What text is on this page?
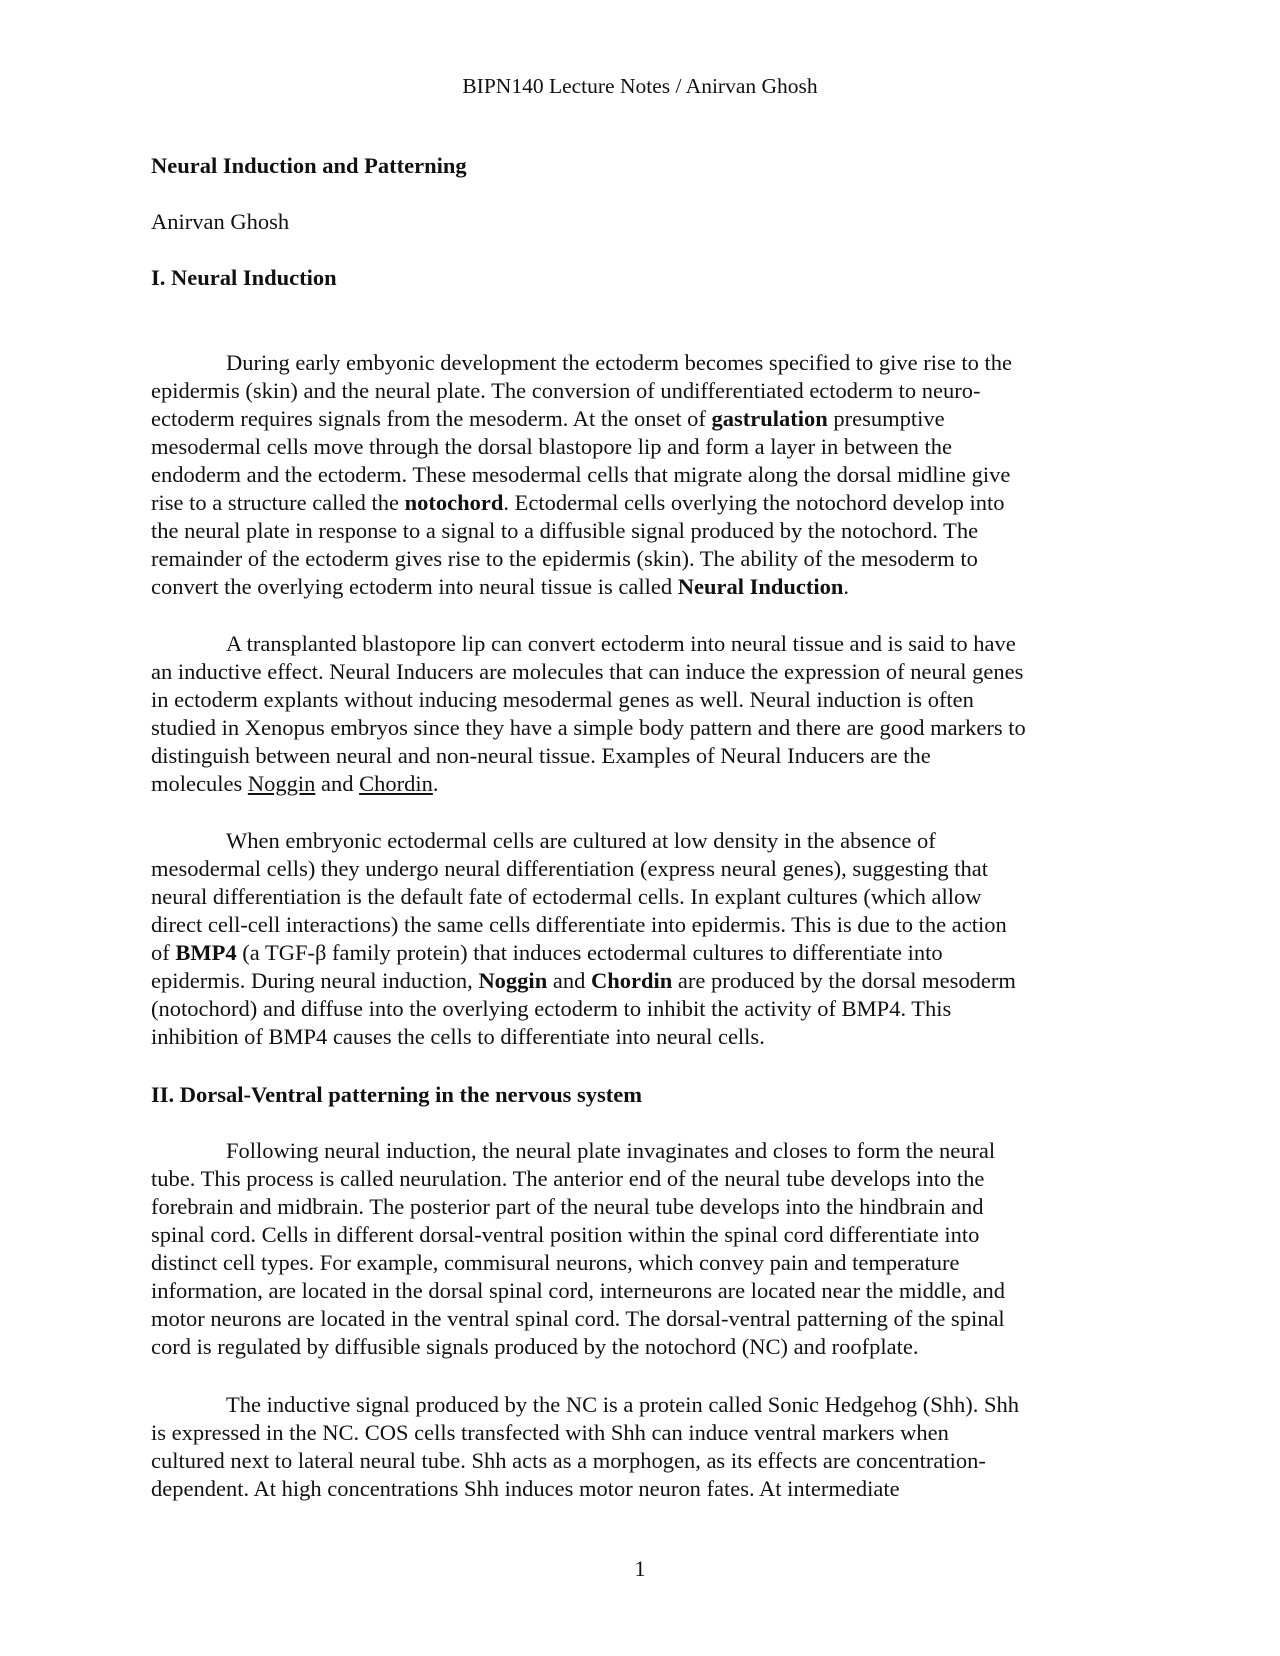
BIPN140 Lecture Notes / Anirvan Ghosh
Neural Induction and Patterning
Anirvan Ghosh
I. Neural Induction
During early embyonic development the ectoderm becomes specified to give rise to the
epidermis (skin) and the neural plate. The conversion of undifferentiated ectoderm to neuro-
ectoderm requires signals from the mesoderm. At the onset of gastrulation presumptive
mesodermal cells move through the dorsal blastopore lip and form a layer in between the
endoderm and the ectoderm. These mesodermal cells that migrate along the dorsal midline give
rise to a structure called the notochord. Ectodermal cells overlying the notochord develop into
the neural plate in response to a signal to a diffusible signal produced by the notochord. The
remainder of the ectoderm gives rise to the epidermis (skin). The ability of the mesoderm to
convert the overlying ectoderm into neural tissue is called Neural Induction.
A transplanted blastopore lip can convert ectoderm into neural tissue and is said to have
an inductive effect. Neural Inducers are molecules that can induce the expression of neural genes
in ectoderm explants without inducing mesodermal genes as well. Neural induction is often
studied in Xenopus embryos since they have a simple body pattern and there are good markers to
distinguish between neural and non-neural tissue. Examples of Neural Inducers are the
molecules Noggin and Chordin.
When embryonic ectodermal cells are cultured at low density in the absence of
mesodermal cells) they undergo neural differentiation (express neural genes), suggesting that
neural differentiation is the default fate of ectodermal cells. In explant cultures (which allow
direct cell-cell interactions) the same cells differentiate into epidermis. This is due to the action
of BMP4 (a TGF-β family protein) that induces ectodermal cultures to differentiate into
epidermis. During neural induction, Noggin and Chordin are produced by the dorsal mesoderm
(notochord) and diffuse into the overlying ectoderm to inhibit the activity of BMP4. This
inhibition of BMP4 causes the cells to differentiate into neural cells.
II. Dorsal-Ventral patterning in the nervous system
Following neural induction, the neural plate invaginates and closes to form the neural
tube. This process is called neurulation. The anterior end of the neural tube develops into the
forebrain and midbrain. The posterior part of the neural tube develops into the hindbrain and
spinal cord. Cells in different dorsal-ventral position within the spinal cord differentiate into
distinct cell types. For example, commisural neurons, which convey pain and temperature
information, are located in the dorsal spinal cord, interneurons are located near the middle, and
motor neurons are located in the ventral spinal cord. The dorsal-ventral patterning of the spinal
cord is regulated by diffusible signals produced by the notochord (NC) and roofplate.
The inductive signal produced by the NC is a protein called Sonic Hedgehog (Shh). Shh
is expressed in the NC. COS cells transfected with Shh can induce ventral markers when
cultured next to lateral neural tube. Shh acts as a morphogen, as its effects are concentration-
dependent. At high concentrations Shh induces motor neuron fates. At intermediate
1
